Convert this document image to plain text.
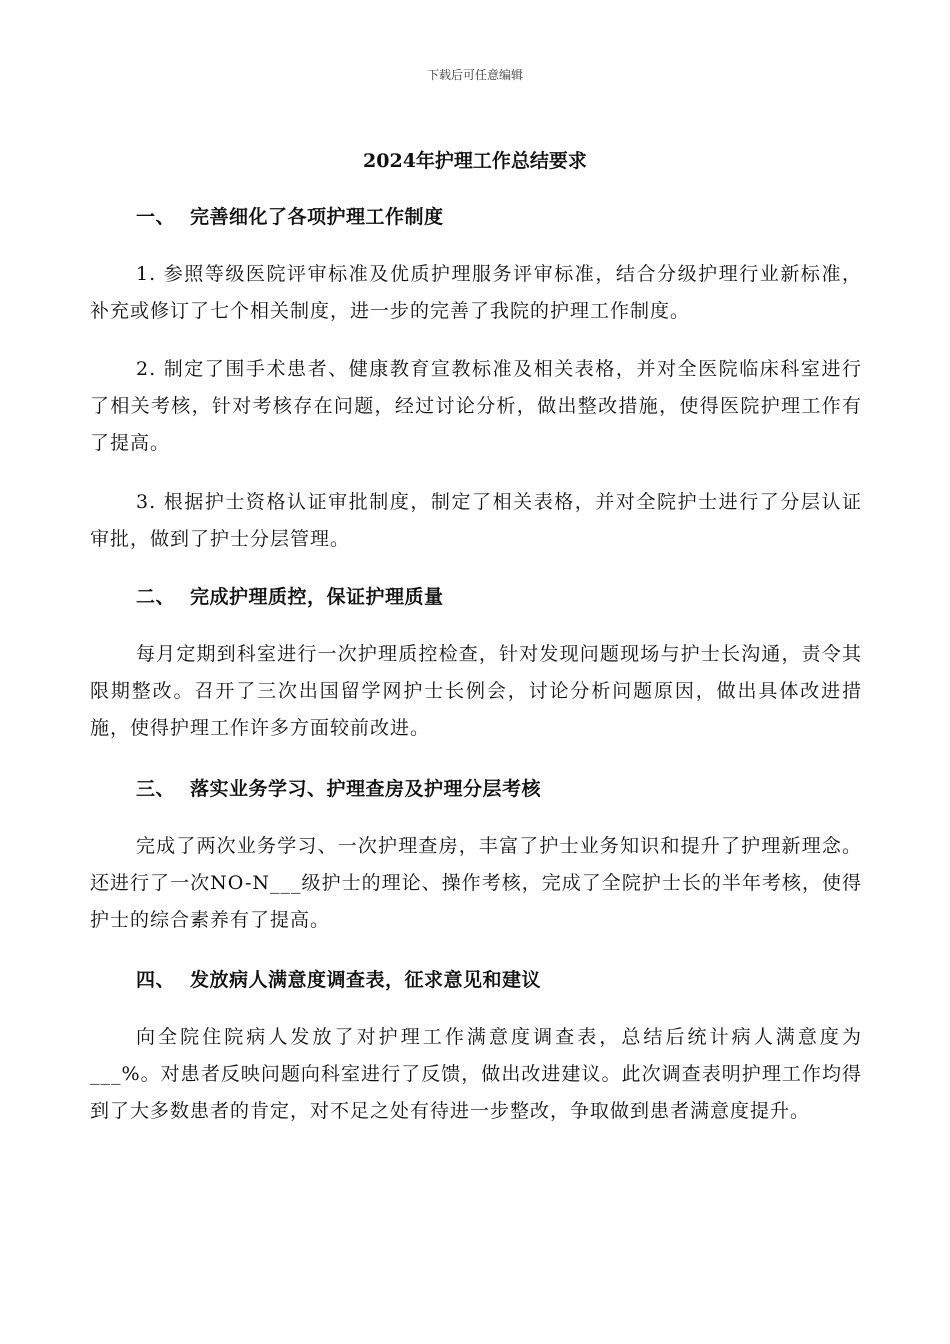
下载后可任意编辑
2024年护理工作总结要求
一、 完善细化了各项护理工作制度

1. 参照等级医院评审标准及优质护理服务评审标准，结合分级护理行业新标准，补充或修订了七个相关制度，进一步的完善了我院的护理工作制度。

2. 制定了围手术患者、健康教育宣教标准及相关表格，并对全医院临床科室进行了相关考核，针对考核存在问题，经过讨论分析，做出整改措施，使得医院护理工作有了提高。

3. 根据护士资格认证审批制度，制定了相关表格，并对全院护士进行了分层认证审批，做到了护士分层管理。

二、 完成护理质控，保证护理质量

每月定期到科室进行一次护理质控检查，针对发现问题现场与护士长沟通，责令其限期整改。召开了三次出国留学网护士长例会，讨论分析问题原因，做出具体改进措施，使得护理工作许多方面较前改进。

三、 落实业务学习、护理查房及护理分层考核

完成了两次业务学习、一次护理查房，丰富了护士业务知识和提升了护理新理念。还进行了一次NO-N___级护士的理论、操作考核，完成了全院护士长的半年考核，使得护士的综合素养有了提高。

四、 发放病人满意度调查表，征求意见和建议

向全院住院病人发放了对护理工作满意度调查表，总结后统计病人满意度为___%。对患者反映问题向科室进行了反馈，做出改进建议。此次调查表明护理工作均得到了大多数患者的肯定，对不足之处有待进一步整改，争取做到患者满意度提升。
